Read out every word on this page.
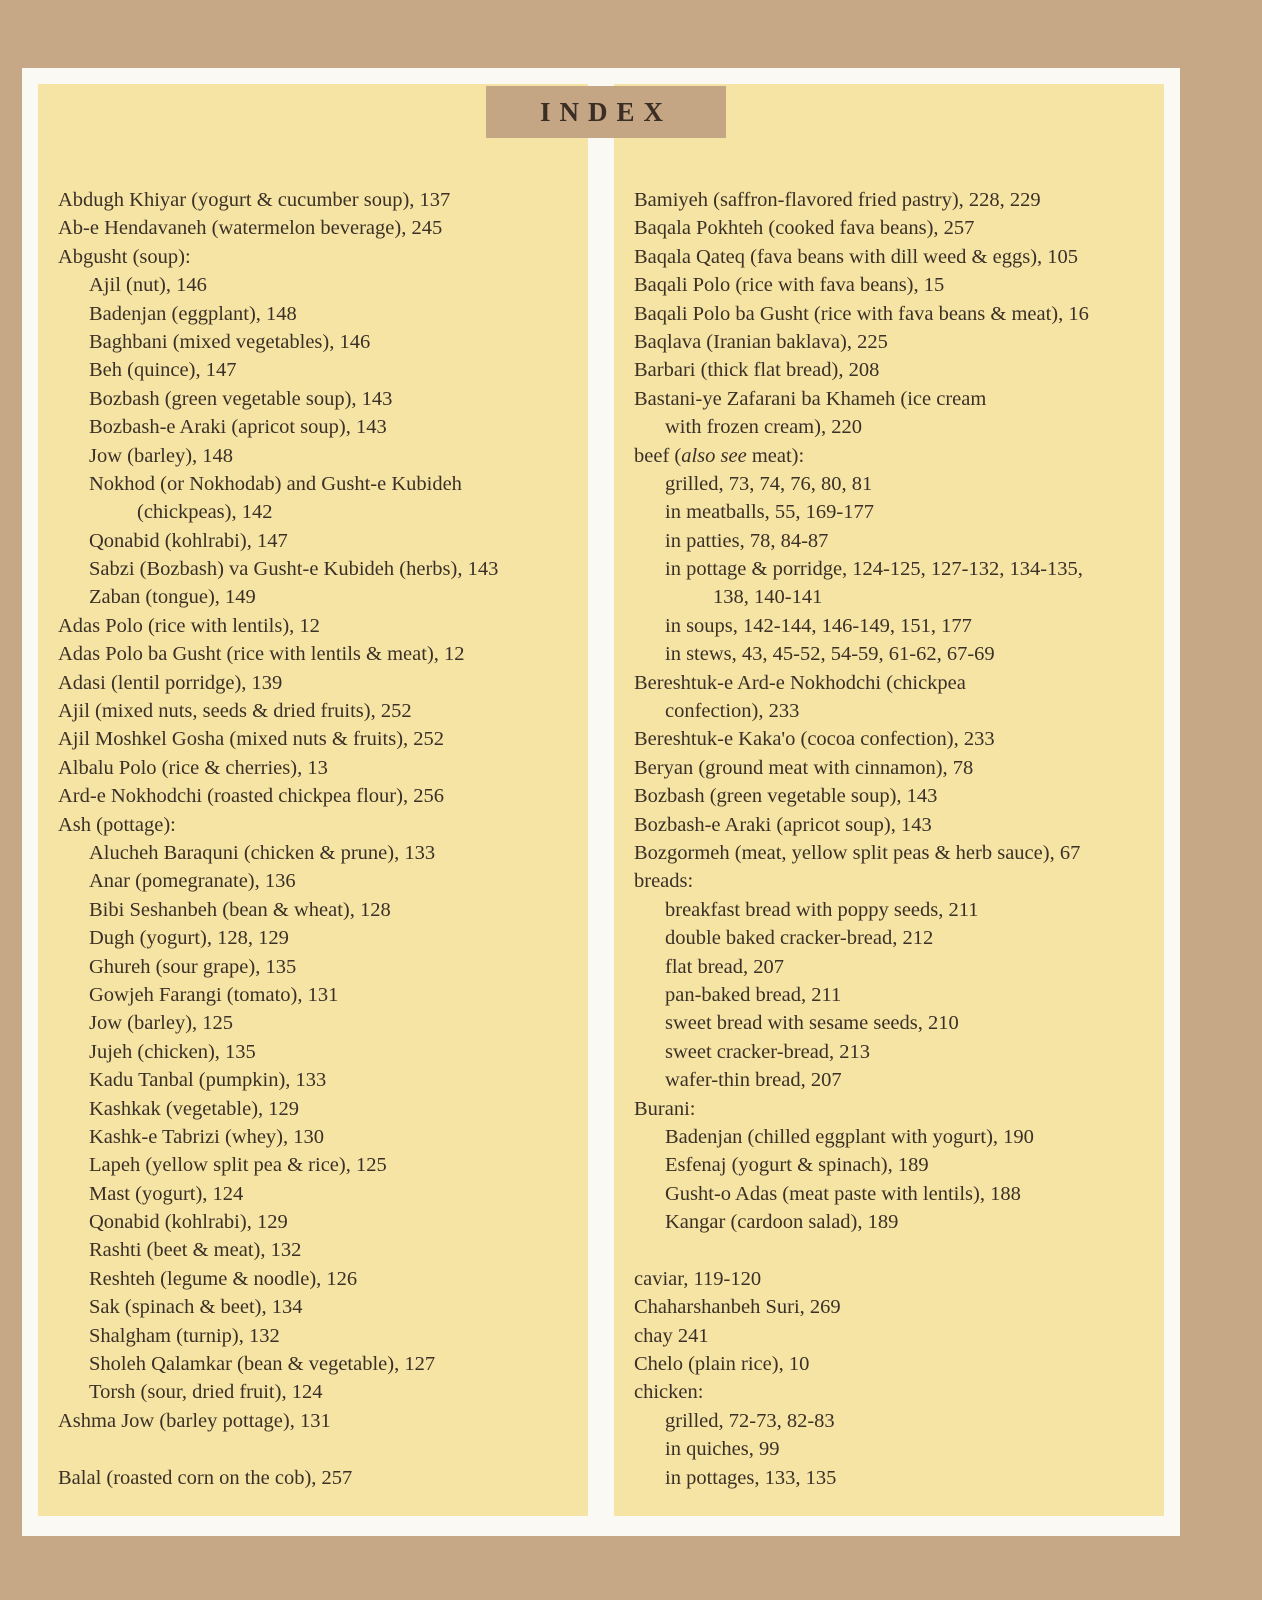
Abdugh Khiyar (yogurt & cucumber soup), 137
Ab-e Hendavaneh (watermelon beverage), 245
Abgusht (soup):
Ajil (nut), 146
Badenjan (eggplant), 148
Baghbani (mixed vegetables), 146
Beh (quince), 147
Bozbash (green vegetable soup), 143
Bozbash-e Araki (apricot soup), 143
Jow (barley), 148
Nokhod (or Nokhodab) and Gusht-e Kubideh
(chickpeas), 142
Qonabid (kohlrabi), 147
Sabzi (Bozbash) va Gusht-e Kubideh (herbs), 143
Zaban (tongue), 149
Adas Polo (rice with lentils), 12
Adas Polo ba Gusht (rice with lentils & meat), 12
Adasi (lentil porridge), 139
Ajil (mixed nuts, seeds & dried fruits), 252
Ajil Moshkel Gosha (mixed nuts & fruits), 252
Albalu Polo (rice & cherries), 13
Ard-e Nokhodchi (roasted chickpea flour), 256
Ash (pottage):
Alucheh Baraquni (chicken & prune), 133
Anar (pomegranate), 136
Bibi Seshanbeh (bean & wheat), 128
Dugh (yogurt), 128, 129
Ghureh (sour grape), 135
Gowjeh Farangi (tomato), 131
Jow (barley), 125
Jujeh (chicken), 135
Kadu Tanbal (pumpkin), 133
Kashkak (vegetable), 129
Kashk-e Tabrizi (whey), 130
Lapeh (yellow split pea & rice), 125
Mast (yogurt), 124
Qonabid (kohlrabi), 129
Rashti (beet & meat), 132
Reshteh (legume & noodle), 126
Sak (spinach & beet), 134
Shalgham (turnip), 132
Sholeh Qalamkar (bean & vegetable), 127
Torsh (sour, dried fruit), 124
Ashma Jow (barley pottage), 131
Balal (roasted corn on the cob), 257
Bamiyeh (saffron-flavored fried pastry), 228, 229
Baqala Pokhteh (cooked fava beans), 257
Baqala Qateq (fava beans with dill weed & eggs), 105
Baqali Polo (rice with fava beans), 15
Baqali Polo ba Gusht (rice with fava beans & meat), 16
Baqlava (Iranian baklava), 225
Barbari (thick flat bread), 208
Bastani-ye Zafarani ba Khameh (ice cream
with frozen cream), 220
beef (also see meat):
grilled, 73, 74, 76, 80, 81
in meatballs, 55, 169-177
in patties, 78, 84-87
in pottage & porridge, 124-125, 127-132, 134-135,
138, 140-141
in soups, 142-144, 146-149, 151, 177
in stews, 43, 45-52, 54-59, 61-62, 67-69
Bereshtuk-e Ard-e Nokhodchi (chickpea
confection), 233
Bereshtuk-e Kaka'o (cocoa confection), 233
Beryan (ground meat with cinnamon), 78
Bozbash (green vegetable soup), 143
Bozbash-e Araki (apricot soup), 143
Bozgormeh (meat, yellow split peas & herb sauce), 67
breads:
breakfast bread with poppy seeds, 211
double baked cracker-bread, 212
flat bread, 207
pan-baked bread, 211
sweet bread with sesame seeds, 210
sweet cracker-bread, 213
wafer-thin bread, 207
Burani:
Badenjan (chilled eggplant with yogurt), 190
Esfenaj (yogurt & spinach), 189
Gusht-o Adas (meat paste with lentils), 188
Kangar (cardoon salad), 189
caviar, 119-120
Chaharshanbeh Suri, 269
chay 241
Chelo (plain rice), 10
chicken:
grilled, 72-73, 82-83
in quiches, 99
in pottages, 133, 135
INDEX
